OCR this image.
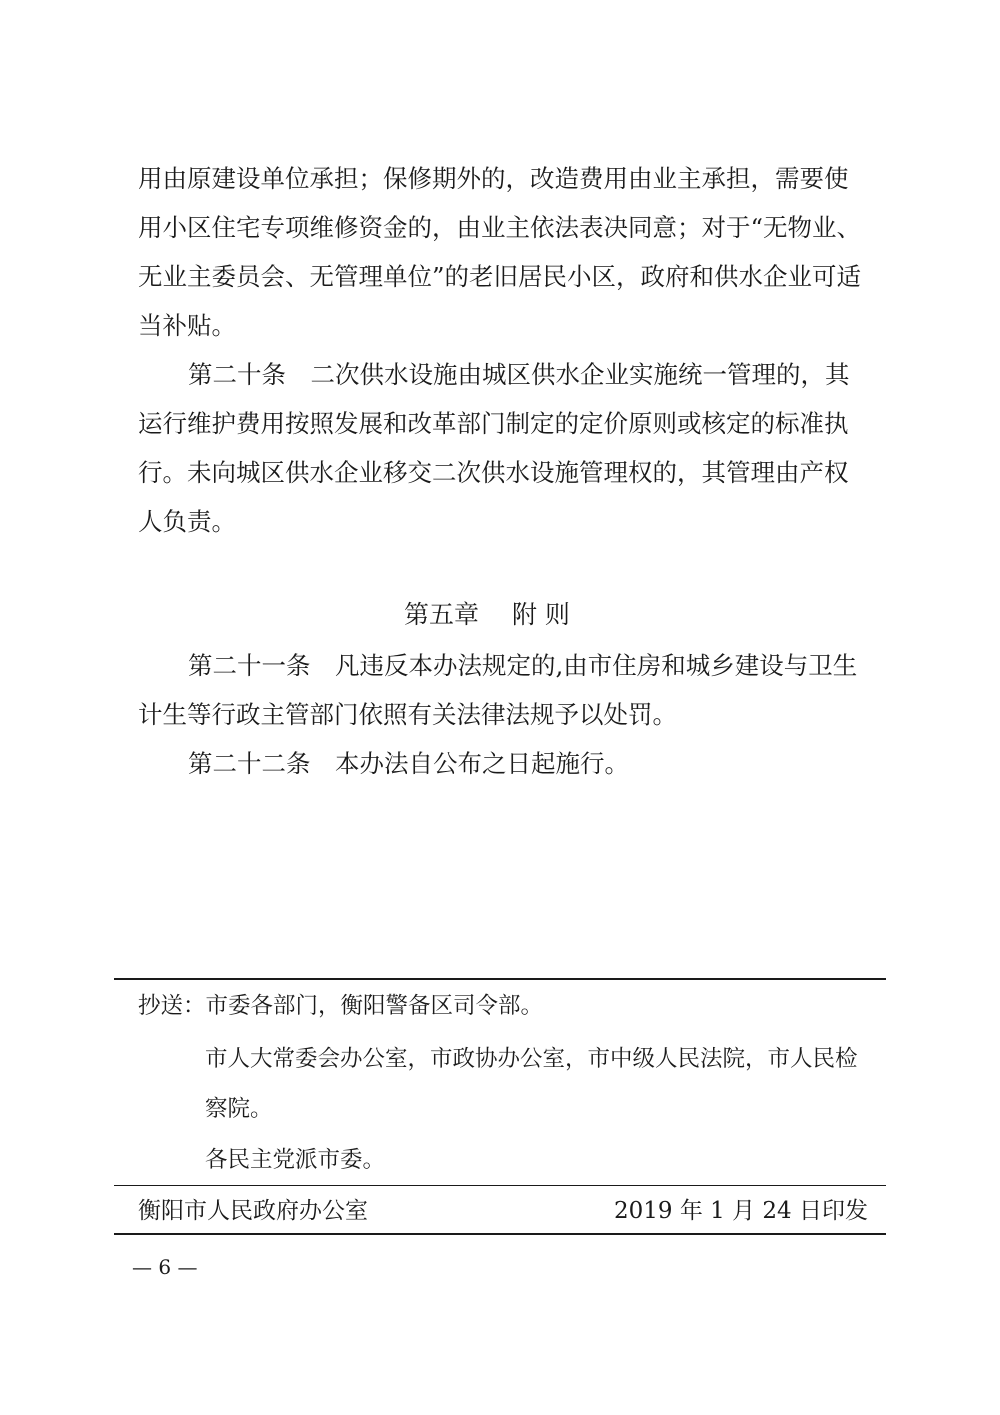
用由原建设单位承担；保修期外的，改造费用由业主承担，需要使
用小区住宅专项维修资金的，由业主依法表决同意；对于“无物业、
无业主委员会、无管理单位”的老旧居民小区，政府和供水企业可适
当补贴。
第二十条　二次供水设施由城区供水企业实施统一管理的，其
运行维护费用按照发展和改革部门制定的定价原则或核定的标准执
行。未向城区供水企业移交二次供水设施管理权的，其管理由产权
人负责。
第五章　 附 则
第二十一条　凡违反本办法规定的,由市住房和城乡建设与卫生
计生等行政主管部门依照有关法律法规予以处罚。
第二十二条　本办法自公布之日起施行。
抄送：市委各部门，衡阳警备区司令部。
市人大常委会办公室，市政协办公室，市中级人民法院，市人民检
察院。
各民主党派市委。
衡阳市人民政府办公室	2019 年 1 月 24 日印发
— 6 —
